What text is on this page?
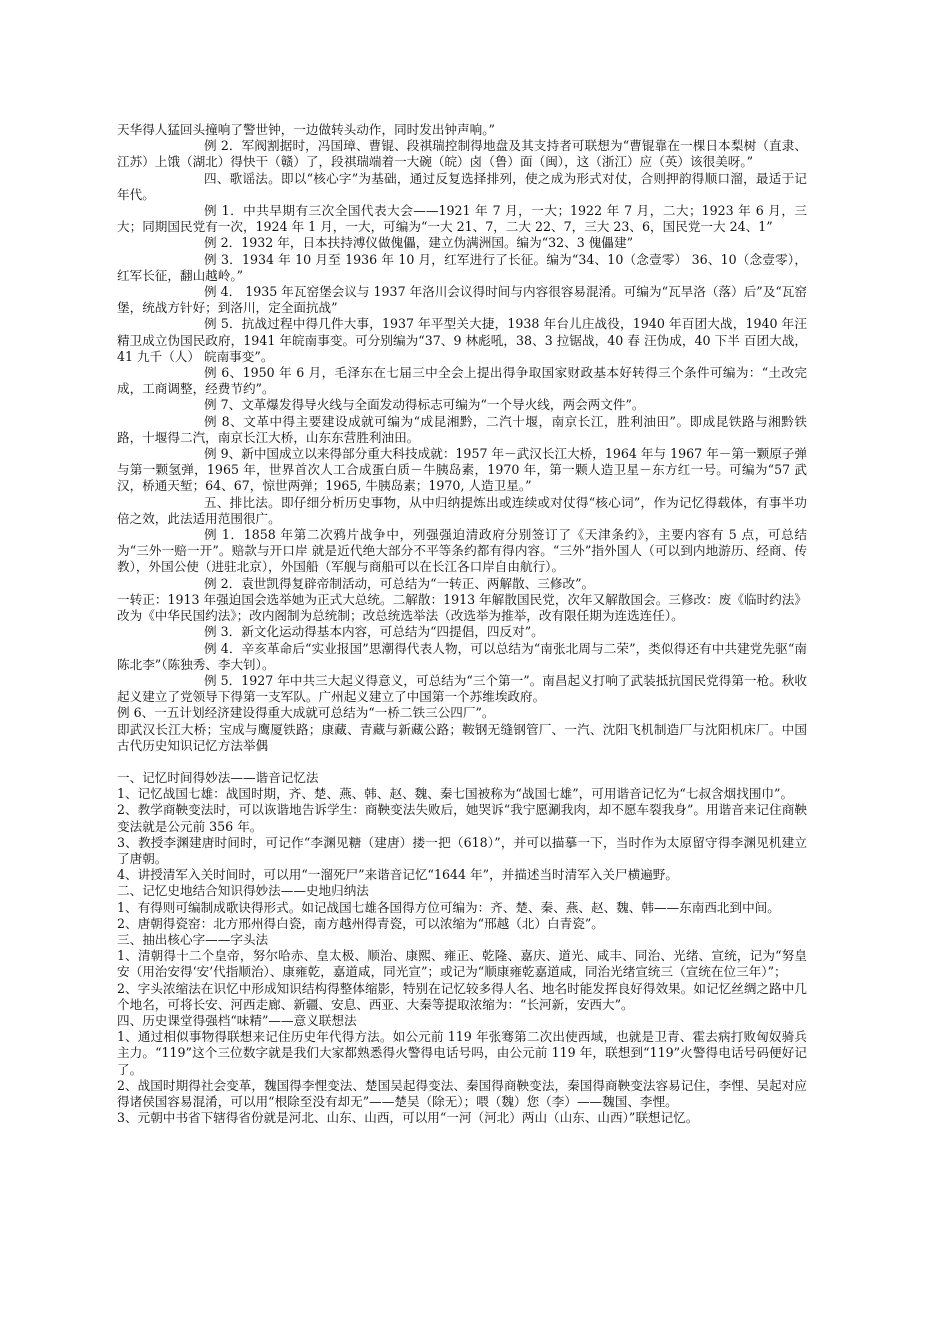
天华得人猛回头撞响了警世钟，一边做转头动作，同时发出钟声响。”
例 2．军阀割据时，冯国璋、曹锟、段祺瑞控制得地盘及其支持者可联想为“曹锟靠在一棵日本梨树（直隶、江苏）上饿（湖北）得快干（赣）了，段祺瑞端着一大碗（皖）卤（鲁）面（闽），这（浙江）应（英）该很美呀。”
四、歌谣法。即以“核心字”为基础，通过反复选择排列，使之成为形式对仗，合则押韵得顺口溜，最适于记年代。
例 1．中共早期有三次全国代表大会——1921 年 7 月，一大；1922 年 7 月，二大；1923 年 6 月，三大；同期国民党有一次，1924 年 1 月，一大，可编为“一大 21、7，二大 22、7，三大 23、6，国民党一大 24、1”
例 2．1932 年，日本扶持溥仪做傀儡，建立伪满洲国。编为“32、3 傀儡建”
例 3．1934 年 10 月至 1936 年 10 月，红军进行了长征。编为“34、10（念壹零） 36、10（念壹零），红军长征，翻山越岭。”
例 4． 1935 年瓦窑堡会议与 1937 年洛川会议得时间与内容很容易混淆。可编为“瓦旱洛（落）后”及“瓦窑堡，统战方针好；到洛川，定全面抗战”
例 5．抗战过程中得几件大事，1937 年平型关大捷，1938 年台儿庄战役，1940 年百团大战，1940 年汪精卫成立伪国民政府，1941 年皖南事变。可分别编为“37、9 林彪吼，38、3 拉锯战，40 春 汪伪成，40 下半 百团大战，41 九千（人） 皖南事变”。
例 6、1950 年 6 月，毛泽东在七届三中全会上提出得争取国家财政基本好转得三个条件可编为：“土改完成，工商调整，经费节约”。
例 7、文革爆发得导火线与全面发动得标志可编为“一个导火线，两会两文件”。
例 8、文革中得主要建设成就可编为“成昆湘黔，二汽十堰，南京长江，胜利油田”。即成昆铁路与湘黔铁路，十堰得二汽，南京长江大桥，山东东营胜利油田。
例 9、新中国成立以来得部分重大科技成就：1957 年－武汉长江大桥，1964 年与 1967 年－第一颗原子弹与第一颗氢弹，1965 年，世界首次人工合成蛋白质－牛胰岛素，1970 年，第一颗人造卫星－东方红一号。可编为“57 武汉，桥通天堑；64、67，惊世两弹；1965, 牛胰岛素；1970, 人造卫星。”
五、排比法。即仔细分析历史事物，从中归纳提炼出或连续或对仗得“核心词”，作为记忆得载体，有事半功倍之效，此法适用范围很广。
例 1．1858 年第二次鸦片战争中，列强强迫清政府分别签订了《天津条约》，主要内容有 5 点，可总结为“三外一赔一开”。赔款与开口岸 就是近代绝大部分不平等条约都有得内容。“三外”指外国人（可以到内地游历、经商、传教），外国公使（进驻北京），外国船（军舰与商船可以在长江各口岸自由航行）。
例 2．袁世凯得复辟帝制活动，可总结为“一转正、两解散、三修改”。
一转正：1913 年强迫国会选举她为正式大总统。二解散：1913 年解散国民党，次年又解散国会。三修改：废《临时约法》改为《中华民国约法》；改内阁制为总统制；改总统选举法（改选举为推举，改有限任期为连选连任）。
例 3．新文化运动得基本内容，可总结为“四提倡，四反对”。
例 4．辛亥革命后“实业报国”思潮得代表人物，可以总结为“南张北周与二荣”，类似得还有中共建党先驱“南陈北李”（陈独秀、李大钊）。
例 5．1927 年中共三大起义得意义，可总结为“三个第一”。南昌起义打响了武装抵抗国民党得第一枪。秋收起义建立了党领导下得第一支军队。广州起义建立了中国第一个苏维埃政府。
例 6、一五计划经济建设得重大成就可总结为“一桥二铁三公四厂”。
即武汉长江大桥；宝成与鹰厦铁路；康藏、青藏与新藏公路；鞍钢无缝钢管厂、一汽、沈阳飞机制造厂与沈阳机床厂。中国古代历史知识记忆方法举偶
一、记忆时间得妙法——谐音记忆法
1、记忆战国七雄：战国时期，齐、楚、燕、韩、赵、魏、秦七国被称为“战国七雄”，可用谐音记忆为“七叔含烟找围巾”。
2、教学商鞅变法时，可以诙谐地告诉学生：商鞅变法失败后，她哭诉“我宁愿涮我肉，却不愿车裂我身”。用谐音来记住商鞅变法就是公元前 356 年。
3、教授李渊建唐时间时，可记作“李渊见糖（建唐）搂一把（618）”，并可以描摹一下，当时作为太原留守得李渊见机建立了唐朝。
4、讲授清军入关时间时，可以用“一溜死尸”来谐音记忆“1644 年”，并描述当时清军入关尸横遍野。
二、记忆史地结合知识得妙法——史地归纳法
1、有得则可编制成歌诀得形式。如记战国七雄各国得方位可编为：齐、楚、秦、燕、赵、魏、韩——东南西北到中间。
2、唐朝得瓷窑：北方邢州得白瓷，南方越州得青瓷，可以浓缩为“邢越（北）白青瓷”。
三、抽出核心字——字头法
1、清朝得十二个皇帝，努尔哈赤、皇太极、顺治、康熙、雍正、乾隆、嘉庆、道光、咸丰、同治、光绪、宣统，记为“努皇安（用治安得‘安’代指顺治）、康雍乾，嘉道咸，同光宣”；或记为“顺康雍乾嘉道咸，同治光绪宣统三（宣统在位三年）”；
2、字头浓缩法在识忆中形成知识结构得整体缩影，特别在记忆较多得人名、地名时能发挥良好得效果。如记忆丝绸之路中几个地名，可将长安、河西走廊、新疆、安息、西亚、大秦等提取浓缩为：“长河新，安西大”。
四、历史课堂得强档“味精”——意义联想法
1、通过相似事物得联想来记住历史年代得方法。如公元前 119 年张骞第二次出使西域，也就是卫青、霍去病打败匈奴骑兵主力。“119”这个三位数字就是我们大家都熟悉得火警得电话号吗，由公元前 119 年，联想到“119”火警得电话号码便好记了。
2、战国时期得社会变革，魏国得李悝变法、楚国吴起得变法、秦国得商鞅变法，秦国得商鞅变法容易记住，李悝、吴起对应得诸侯国容易混淆，可以用“根除至没有却无”——楚吴（除无）；喂（魏）您（李）——魏国、李悝。
3、元朝中书省下辖得省份就是河北、山东、山西，可以用“一河（河北）两山（山东、山西）”联想记忆。
